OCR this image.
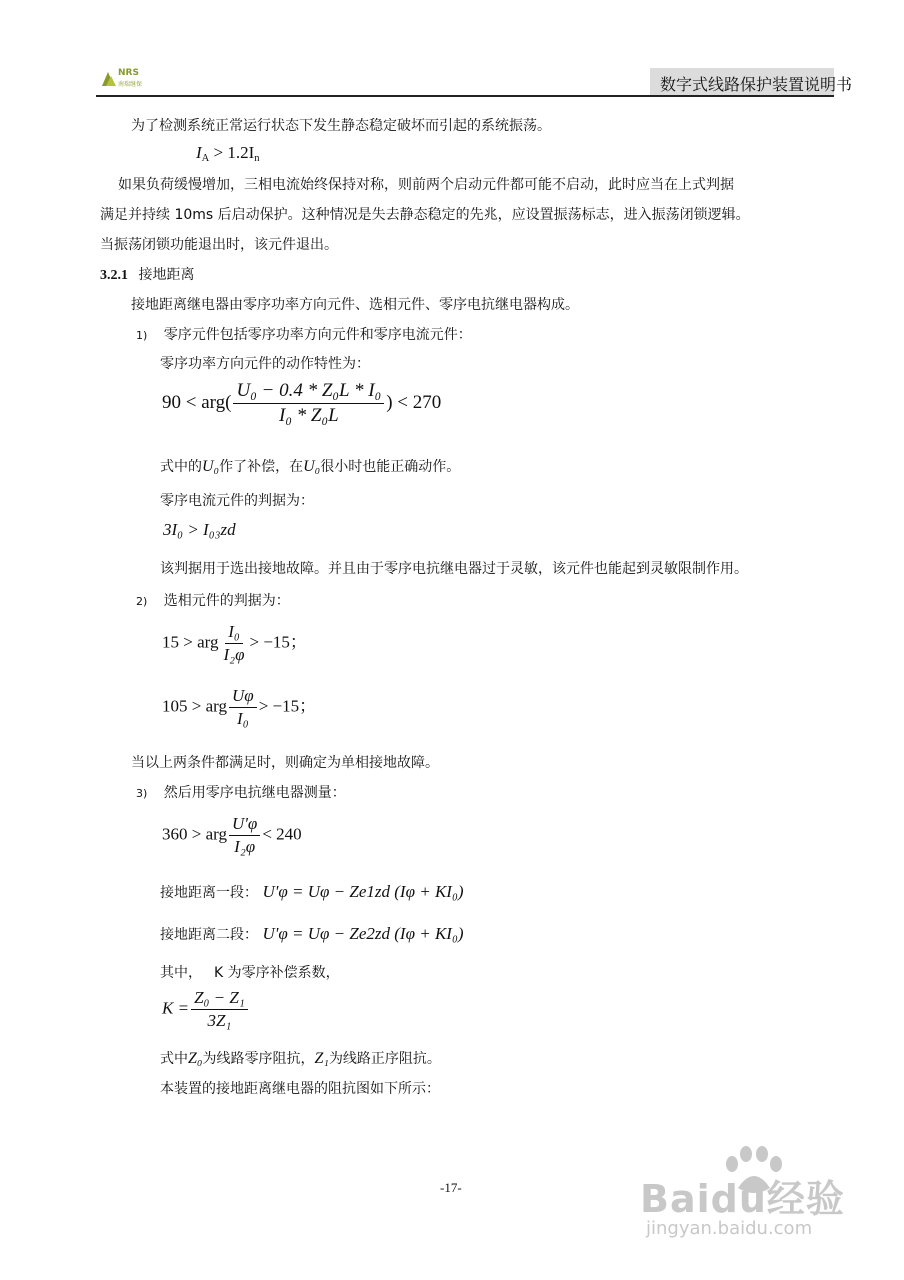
NRS
南瑞继保	数字式线路保护装置说明书
为了检测系统正常运行状态下发生静态稳定破坏而引起的系统振荡。
$I_A > 1.2I_n$
如果负荷缓慢增加，三相电流始终保持对称，则前两个启动元件都可能不启动，此时应当在上式判据
满足并持续 10ms 后启动保护。这种情况是失去静态稳定的先兆，应设置振荡标志，进入振荡闭锁逻辑。
当振荡闭锁功能退出时，该元件退出。
3.2.1 接地距离
接地距离继电器由零序功率方向元件、选相元件、零序电抗继电器构成。
1) 零序元件包括零序功率方向元件和零序电流元件：
零序功率方向元件的动作特性为：
$90 < arg( \frac{\text{U₀ − 0.4 * Z₀L * I₀}}{\text{I₀ * Z₀L}}$ ) < 270
式中的U₀作了补偿，在U₀很小时也能正确动作。
零序电流元件的判据为：
3I₀ > I₀₃zd
该判据用于选出接地故障。并且由于零序电抗继电器过于灵敏，该元件也能起到灵敏限制作用。
2) 选相元件的判据为：
15 > arg $\frac{\text{I₀}}{\text{I₂φ}} > -15$；
105 > arg $\frac{U\varphi}{\text{I₀}} > -15$；
当以上两条件都满足时，则确定为单相接地故障。
3) 然后用零序电抗继电器测量：
360 > arg $\frac{U'\varphi}{\text{I₂φ}} < 240$
接地距离一段： U'φ = Uφ − Ze1zd (Iφ + KI₀)
接地距离二段： U'φ = Uφ − Ze2zd (Iφ + KI₀)
其中， K 为零序补偿系数，
$K = \frac{\text{Z₀ − Z₁}}{\text{3Z₁}}$
式中Z₀为线路零序阻抗，Z₁为线路正序阻抗。
本装置的接地距离继电器的阻抗图如下所示：
-17-	Baidu经验
jingyan.baidu.com
